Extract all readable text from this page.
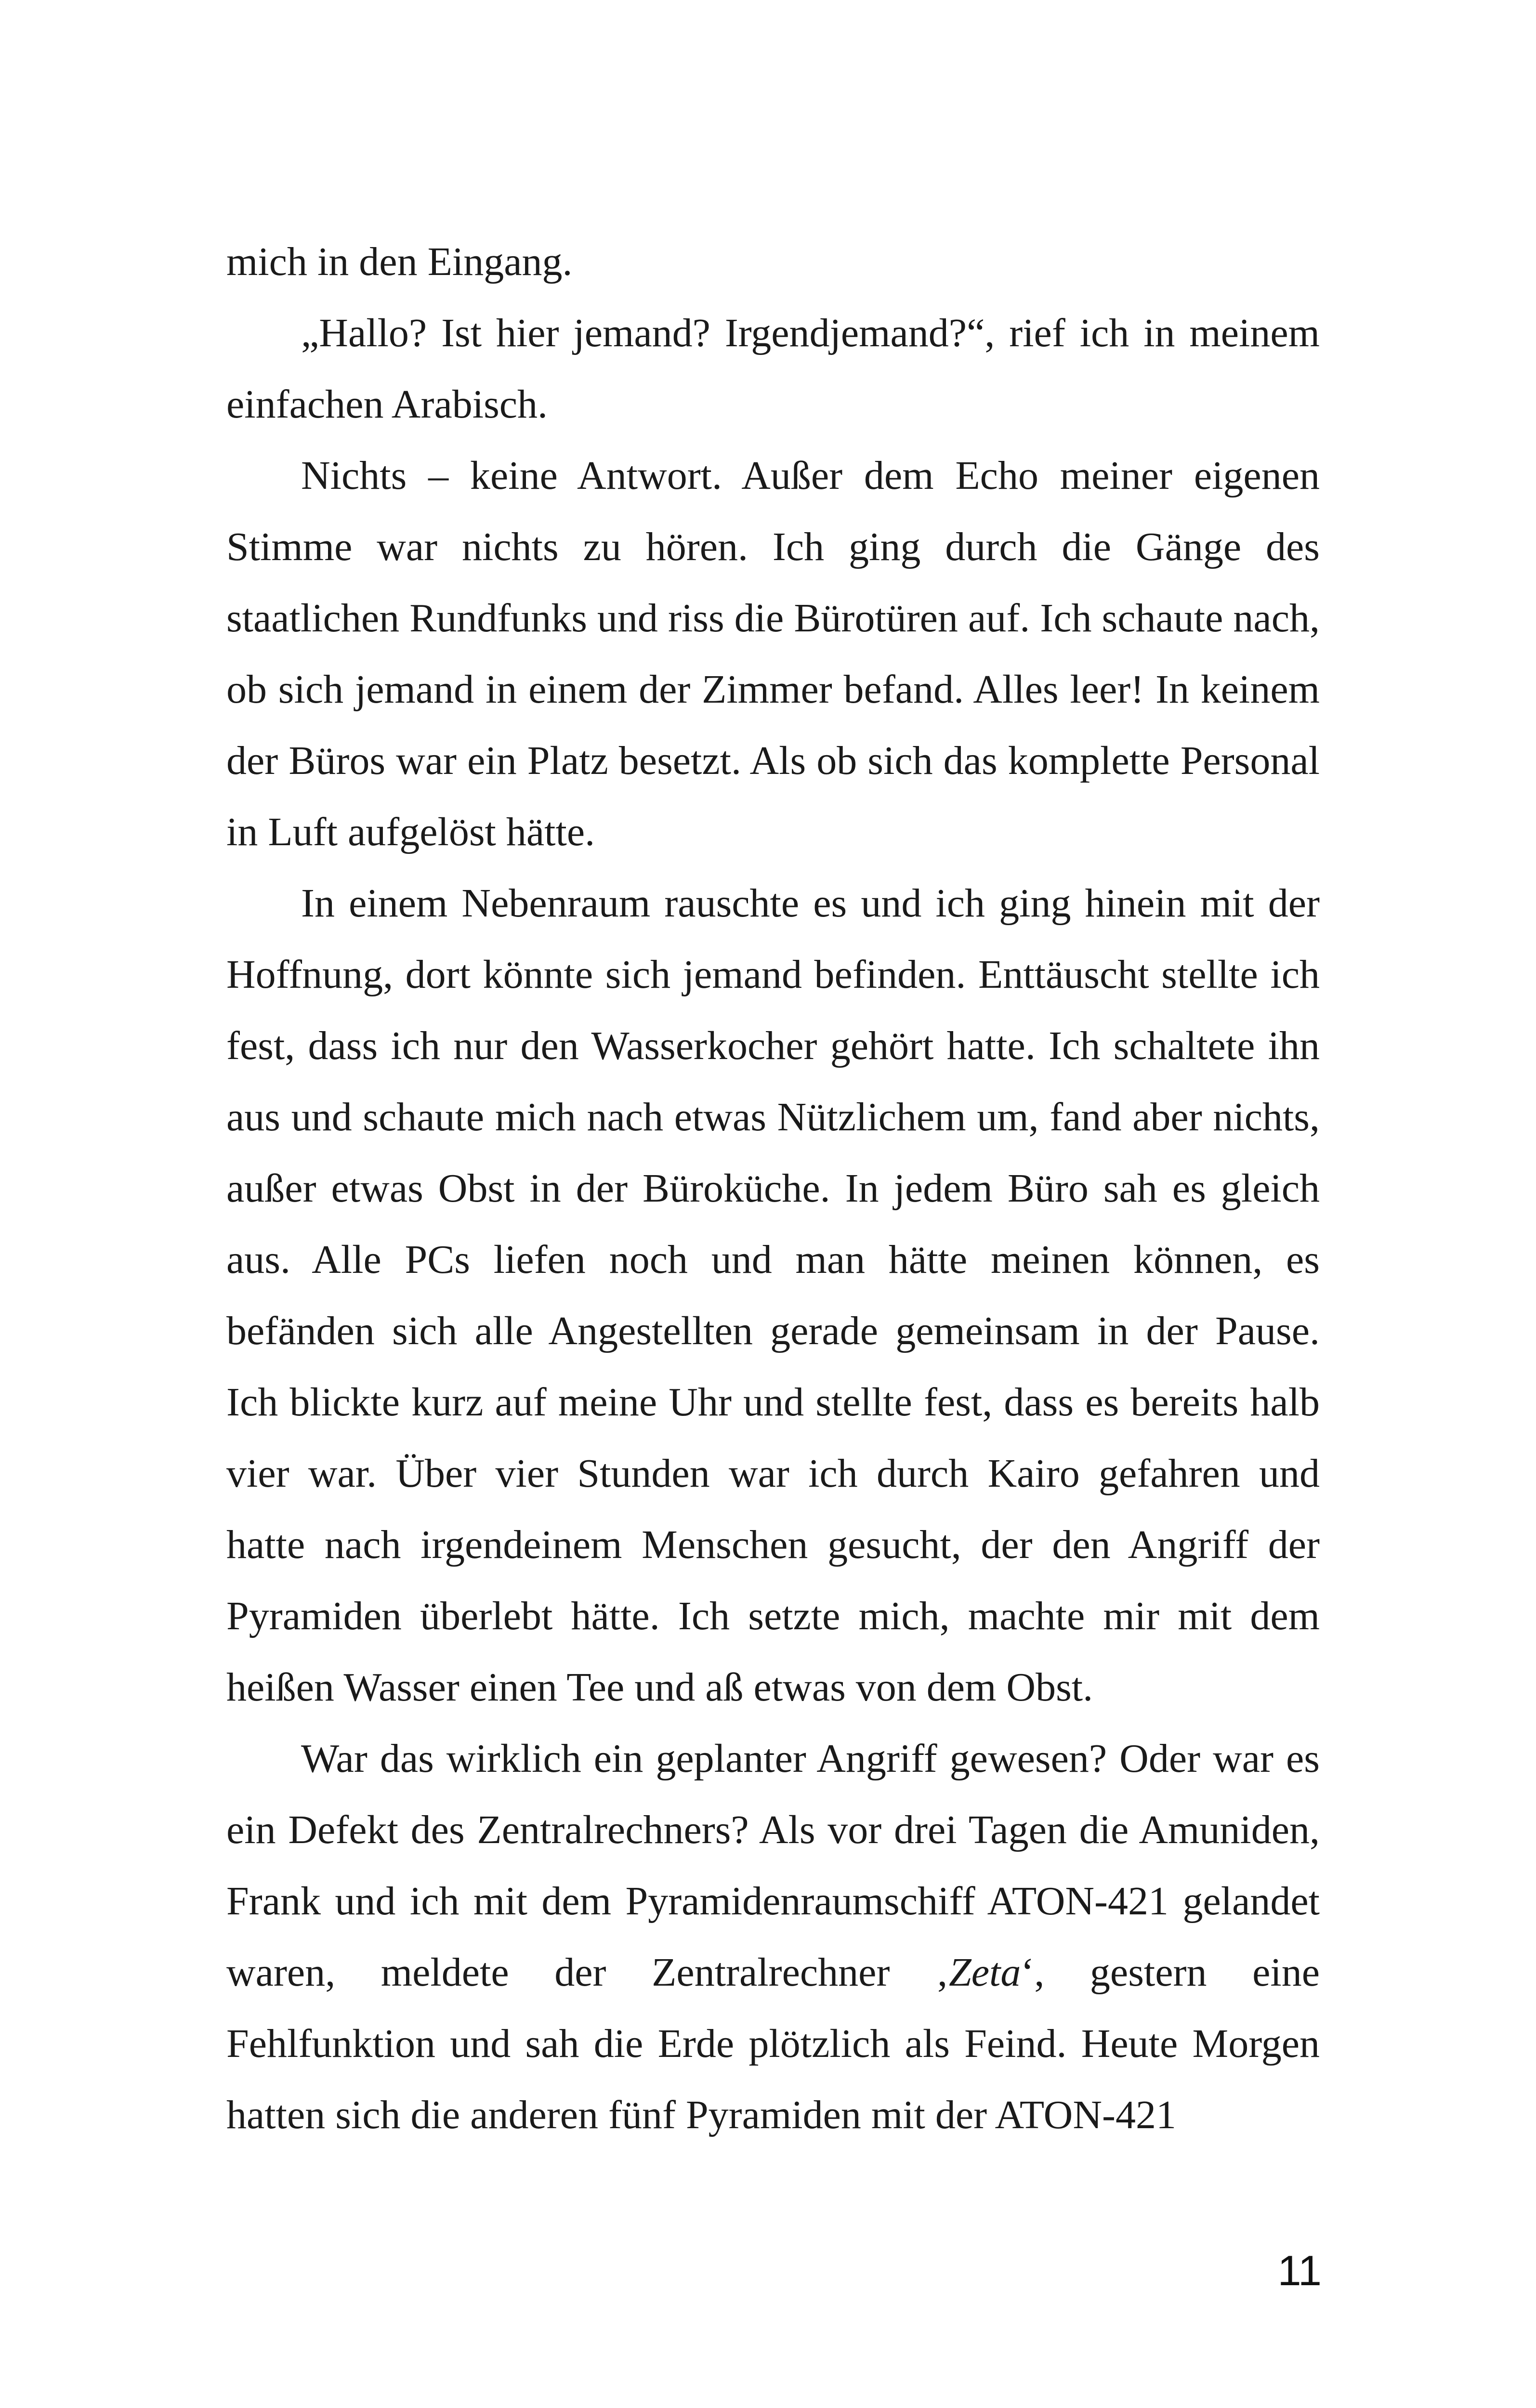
mich in den Eingang.

„Hallo? Ist hier jemand? Irgendjemand?“, rief ich in meinem einfachen Arabisch.

Nichts – keine Antwort. Außer dem Echo meiner eigenen Stimme war nichts zu hören. Ich ging durch die Gänge des staatlichen Rundfunks und riss die Bürotüren auf. Ich schaute nach, ob sich jemand in einem der Zimmer befand. Alles leer! In keinem der Büros war ein Platz besetzt. Als ob sich das komplette Personal in Luft aufgelöst hätte.

In einem Nebenraum rauschte es und ich ging hinein mit der Hoffnung, dort könnte sich jemand befinden. Enttäuscht stellte ich fest, dass ich nur den Wasserkocher gehört hatte. Ich schaltete ihn aus und schaute mich nach etwas Nützlichem um, fand aber nichts, außer etwas Obst in der Büroküche. In jedem Büro sah es gleich aus. Alle PCs liefen noch und man hätte meinen können, es befänden sich alle Angestellten gerade gemeinsam in der Pause. Ich blickte kurz auf meine Uhr und stellte fest, dass es bereits halb vier war. Über vier Stunden war ich durch Kairo gefahren und hatte nach irgendeinem Menschen gesucht, der den Angriff der Pyramiden überlebt hätte. Ich setzte mich, machte mir mit dem heißen Wasser einen Tee und aß etwas von dem Obst.

War das wirklich ein geplanter Angriff gewesen? Oder war es ein Defekt des Zentralrechners? Als vor drei Tagen die Amuniden, Frank und ich mit dem Pyramidenraumschiff ATON-421 gelandet waren, meldete der Zentralrechner ‚Zeta‘, gestern eine Fehlfunktion und sah die Erde plötzlich als Feind. Heute Morgen hatten sich die anderen fünf Pyramiden mit der ATON-421

11
